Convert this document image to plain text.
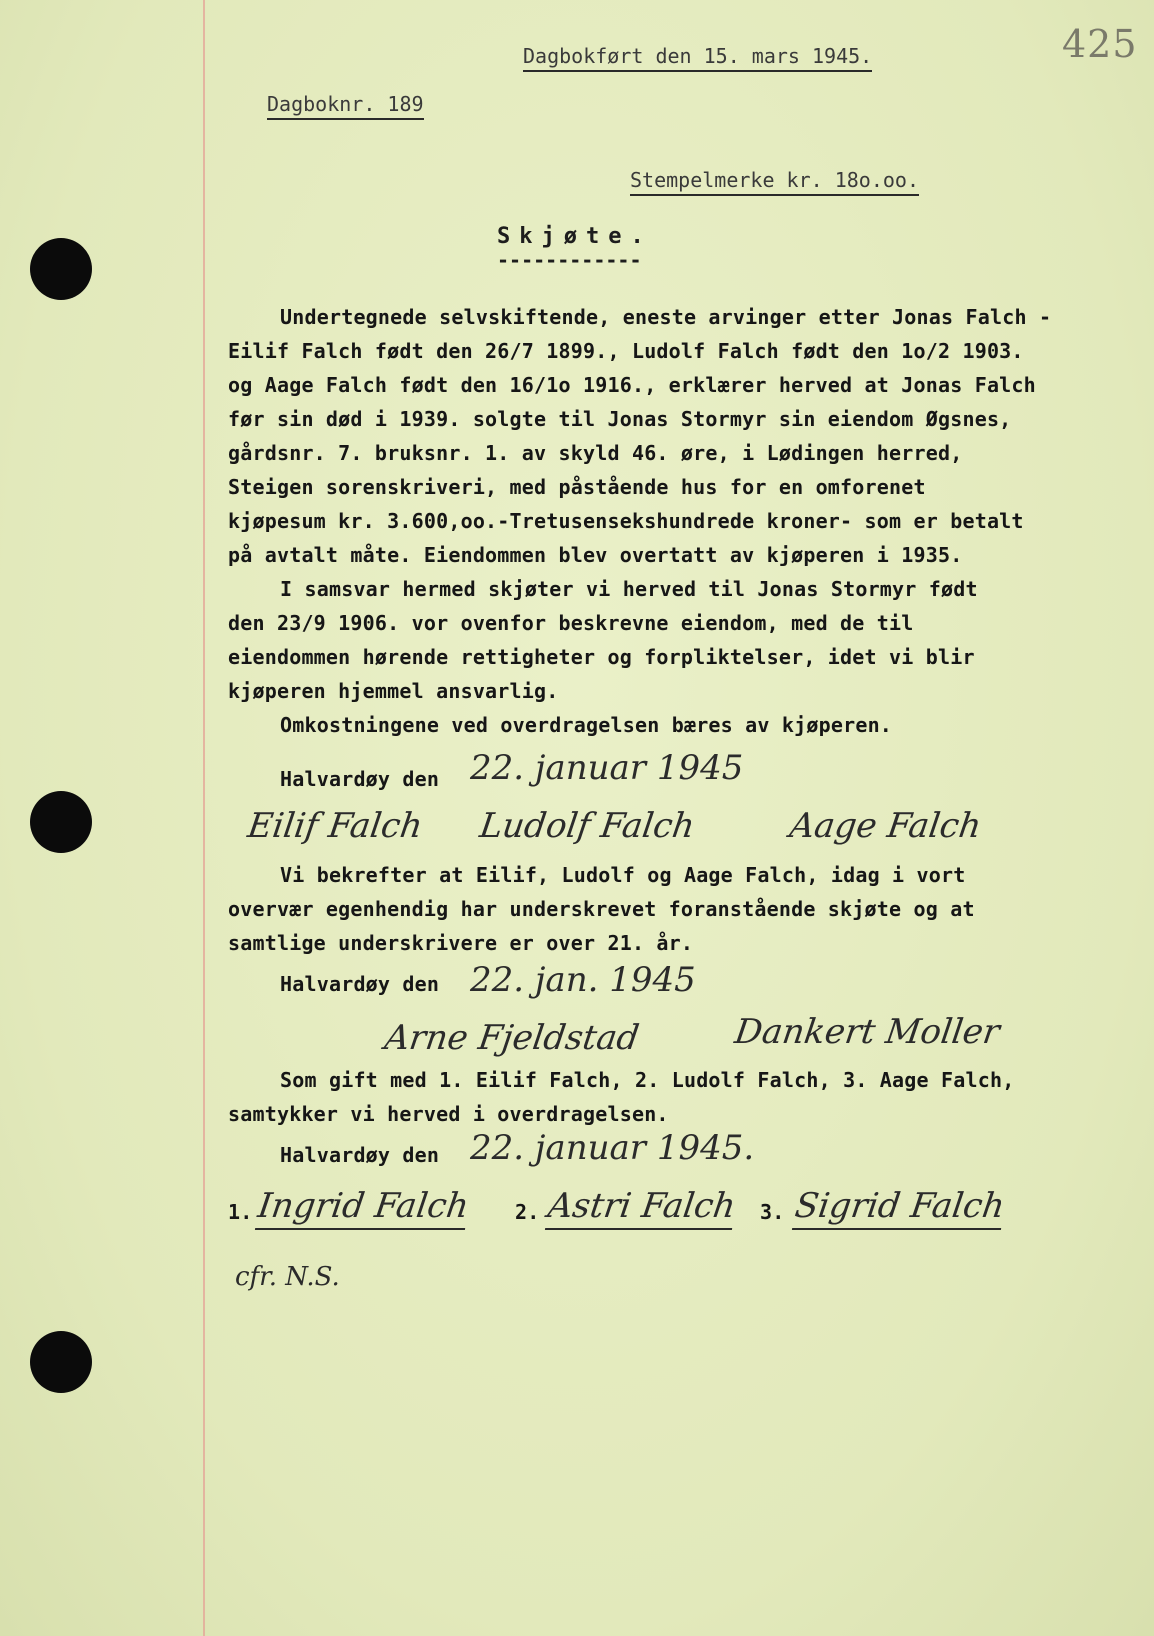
Dagbokført den 15. mars 1945.	425
Dagboknr. 189
Stempelmerke kr. 18o.oo.
Skjøte.
------------
Undertegnede selvskiftende, eneste arvinger etter Jonas Falch -
Eilif Falch født den 26/7 1899., Ludolf Falch født den 1o/2 1903.
og Aage Falch født den 16/1o 1916., erklærer herved at Jonas Falch
før sin død i 1939. solgte til Jonas Stormyr sin eiendom Øgsnes,
gårdsnr. 7. bruksnr. 1. av skyld 46. øre, i Lødingen herred,
Steigen sorenskriveri, med påstående hus for en omforenet
kjøpesum kr. 3.600,oo.-Tretusensekshundrede kroner- som er betalt
på avtalt måte. Eiendommen blev overtatt av kjøperen i 1935.
I samsvar hermed skjøter vi herved til Jonas Stormyr født
den 23/9 1906. vor ovenfor beskrevne eiendom, med de til
eiendommen hørende rettigheter og forpliktelser, idet vi blir
kjøperen hjemmel ansvarlig.
Omkostningene ved overdragelsen bæres av kjøperen.
Halvardøy den 22. januar 1945
Eilif Falch Ludolf Falch	Aage Falch
Vi bekrefter at Eilif, Ludolf og Aage Falch, idag i vort
overvær egenhendig har underskrevet foranstående skjøte og at
samtlige underskrivere er over 21. år.
Halvardøy den 22. jan. 1945
Arne Fjeldstad	Dankert Moller
Som gift med 1. Eilif Falch, 2. Ludolf Falch, 3. Aage Falch,
samtykker vi herved i overdragelsen.
Halvardøy den 22. januar 1945.
1. Ingrid Falch 2. Astri Falch 3. Sigrid Falch
cfr. N.S.
